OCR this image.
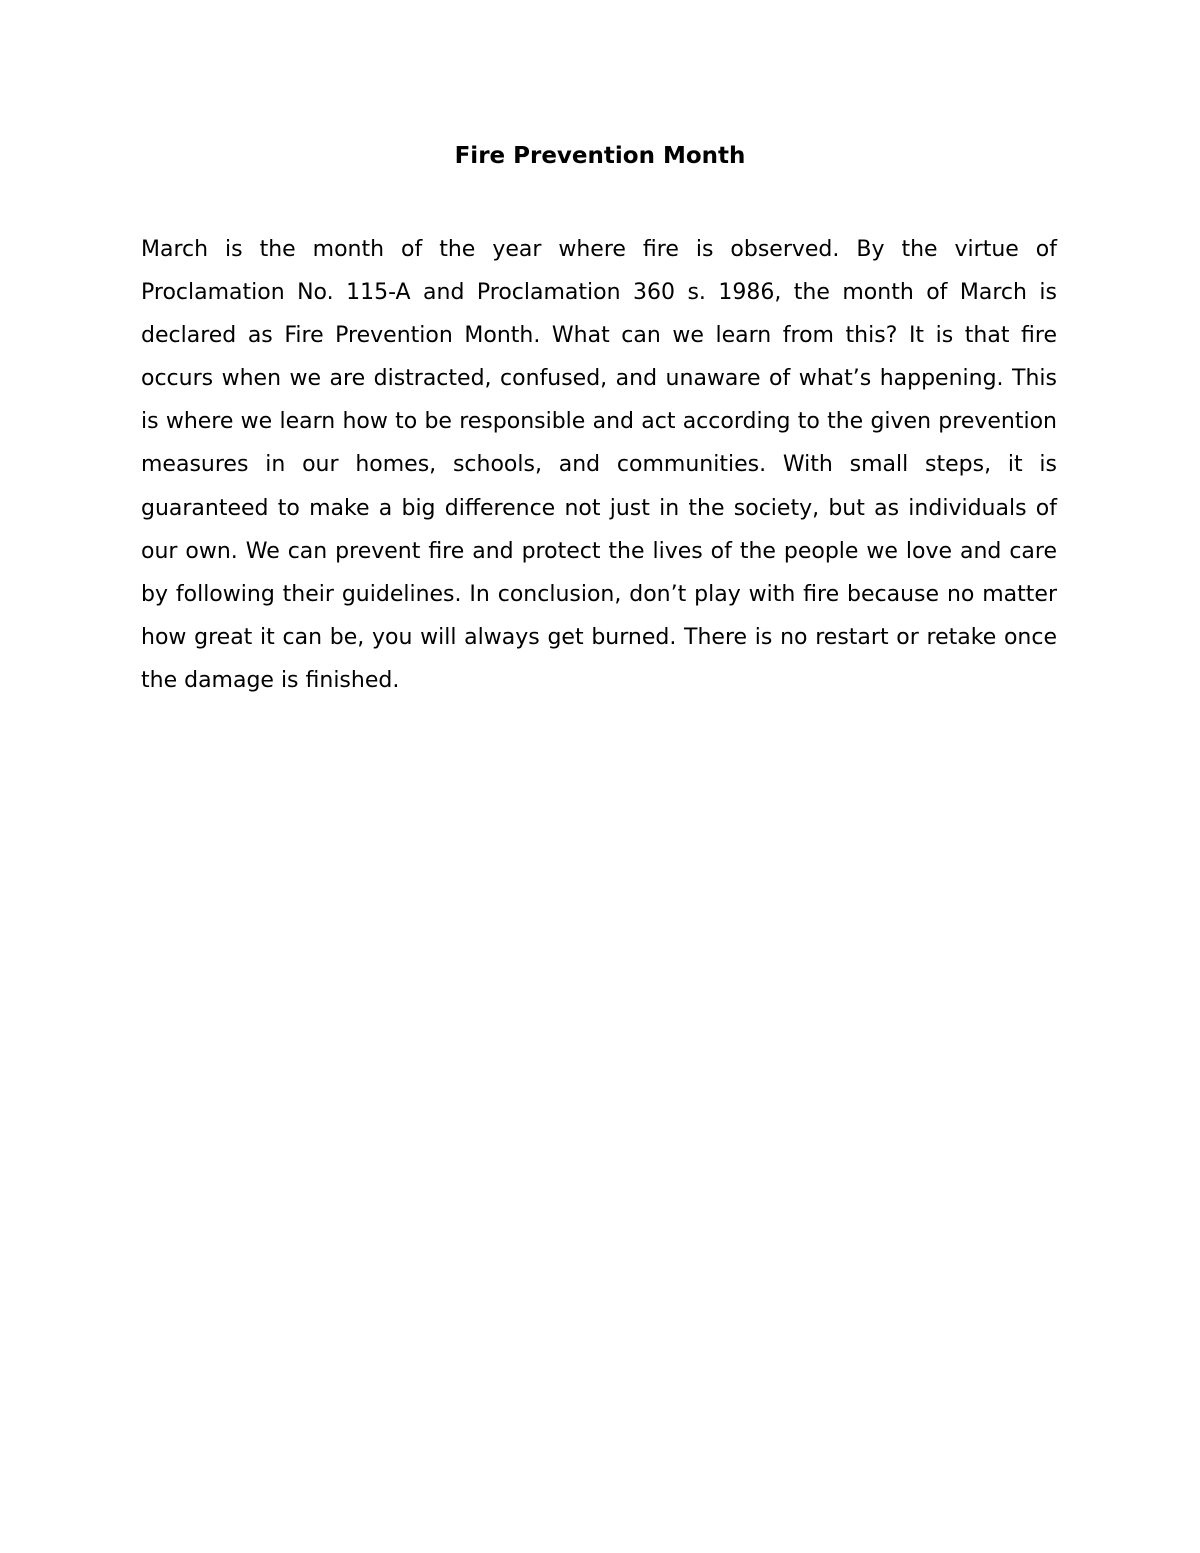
Fire Prevention Month

March is the month of the year where fire is observed. By the virtue of Proclamation No. 115-A and Proclamation 360 s. 1986, the month of March is declared as Fire Prevention Month. What can we learn from this? It is that fire occurs when we are distracted, confused, and unaware of what’s happening. This is where we learn how to be responsible and act according to the given prevention measures in our homes, schools, and communities. With small steps, it is guaranteed to make a big difference not just in the society, but as individuals of our own. We can prevent fire and protect the lives of the people we love and care by following their guidelines. In conclusion, don’t play with fire because no matter how great it can be, you will always get burned. There is no restart or retake once the damage is finished.
